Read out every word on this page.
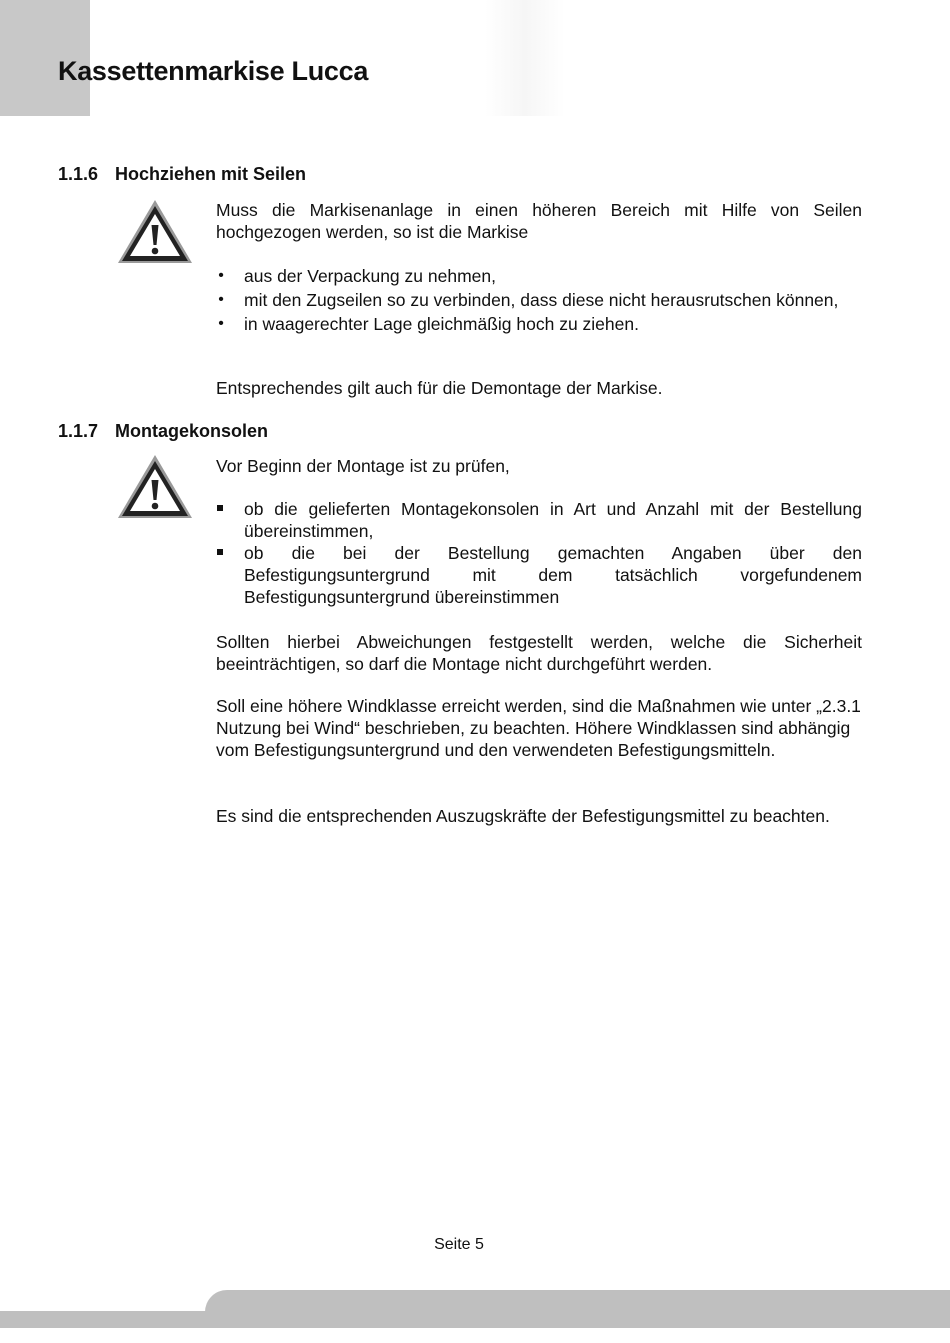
Kassettenmarkise Lucca
1.1.6 Hochziehen mit Seilen

Muss die Markisenanlage in einen höheren Bereich mit Hilfe von Seilen hochgezogen werden, so ist die Markise

• aus der Verpackung zu nehmen,
• mit den Zugseilen so zu verbinden, dass diese nicht herausrutschen können,
• in waagerechter Lage gleichmäßig hoch zu ziehen.

Entsprechendes gilt auch für die Demontage der Markise.

1.1.7 Montagekonsolen

Vor Beginn der Montage ist zu prüfen,

ob die gelieferten Montagekonsolen in Art und Anzahl mit der Bestellung übereinstimmen,
ob die bei der Bestellung gemachten Angaben über den Befestigungsuntergrund mit dem tatsächlich vorgefundenem Befestigungsuntergrund übereinstimmen

Sollten hierbei Abweichungen festgestellt werden, welche die Sicherheit beeinträchtigen, so darf die Montage nicht durchgeführt werden.

Soll eine höhere Windklasse erreicht werden, sind die Maßnahmen wie unter „2.3.1 Nutzung bei Wind“ beschrieben, zu beachten. Höhere Windklassen sind abhängig vom Befestigungsuntergrund und den verwendeten Befestigungsmitteln.

Es sind die entsprechenden Auszugskräfte der Befestigungsmittel zu beachten.

Seite 5
